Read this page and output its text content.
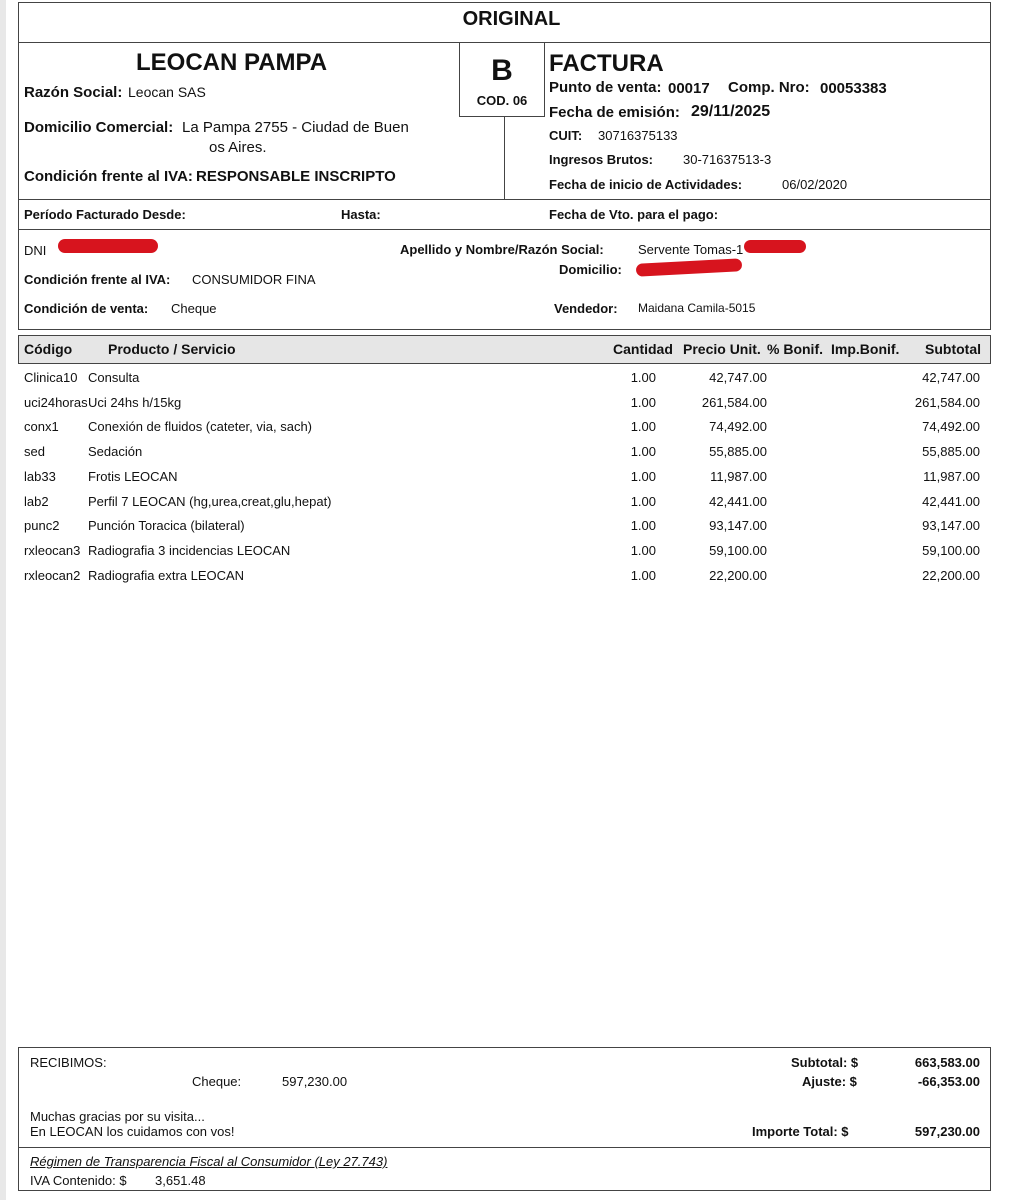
ORIGINAL
B
COD. 06
LEOCAN PAMPA
Razón Social: Leocan SAS
Domicilio Comercial: La Pampa 2755 - Ciudad de Buen
os Aires.
Condición frente al IVA: RESPONSABLE INSCRIPTO
FACTURA
Punto de venta: 00017 Comp. Nro: 00053383
Fecha de emisión: 29/11/2025
CUIT: 30716375133
Ingresos Brutos: 30-71637513-3
Fecha de inicio de Actividades:	06/02/2020
Período Facturado Desde:	Hasta:	Fecha de Vto. para el pago:
DNI
Condición frente al IVA: CONSUMIDOR FINA
Condición de venta: Cheque
Apellido y Nombre/Razón Social:	Servente Tomas-1
Domicilio:
Vendedor: Maidana Camila-5015
Código	Producto / Servicio	Cantidad Precio Unit. % Bonif. Imp.Bonif. Subtotal
Clinica10 Consulta	1.00	42,747.00	42,747.00
uci24horas Uci 24hs h/15kg	1.00	261,584.00	261,584.00
conx1 Conexión de fluidos (cateter, via, sach)	1.00	74,492.00	74,492.00
sed	Sedación	1.00	55,885.00	55,885.00
lab33 Frotis LEOCAN	1.00	11,987.00	11,987.00
lab2	Perfil 7 LEOCAN (hg,urea,creat,glu,hepat)	1.00	42,441.00	42,441.00
punc2 Punción Toracica (bilateral)	1.00	93,147.00	93,147.00
rxleocan3 Radiografia 3 incidencias LEOCAN	1.00	59,100.00	59,100.00
rxleocan2 Radiografia extra LEOCAN	1.00	22,200.00	22,200.00
RECIBIMOS:
Cheque:	597,230.00
Subtotal: $	663,583.00
Ajuste: $	-66,353.00
Muchas gracias por su visita...
En LEOCAN los cuidamos con vos!	Importe Total: $	597,230.00
Régimen de Transparencia Fiscal al Consumidor (Ley 27.743)
IVA Contenido: $ 3,651.48
